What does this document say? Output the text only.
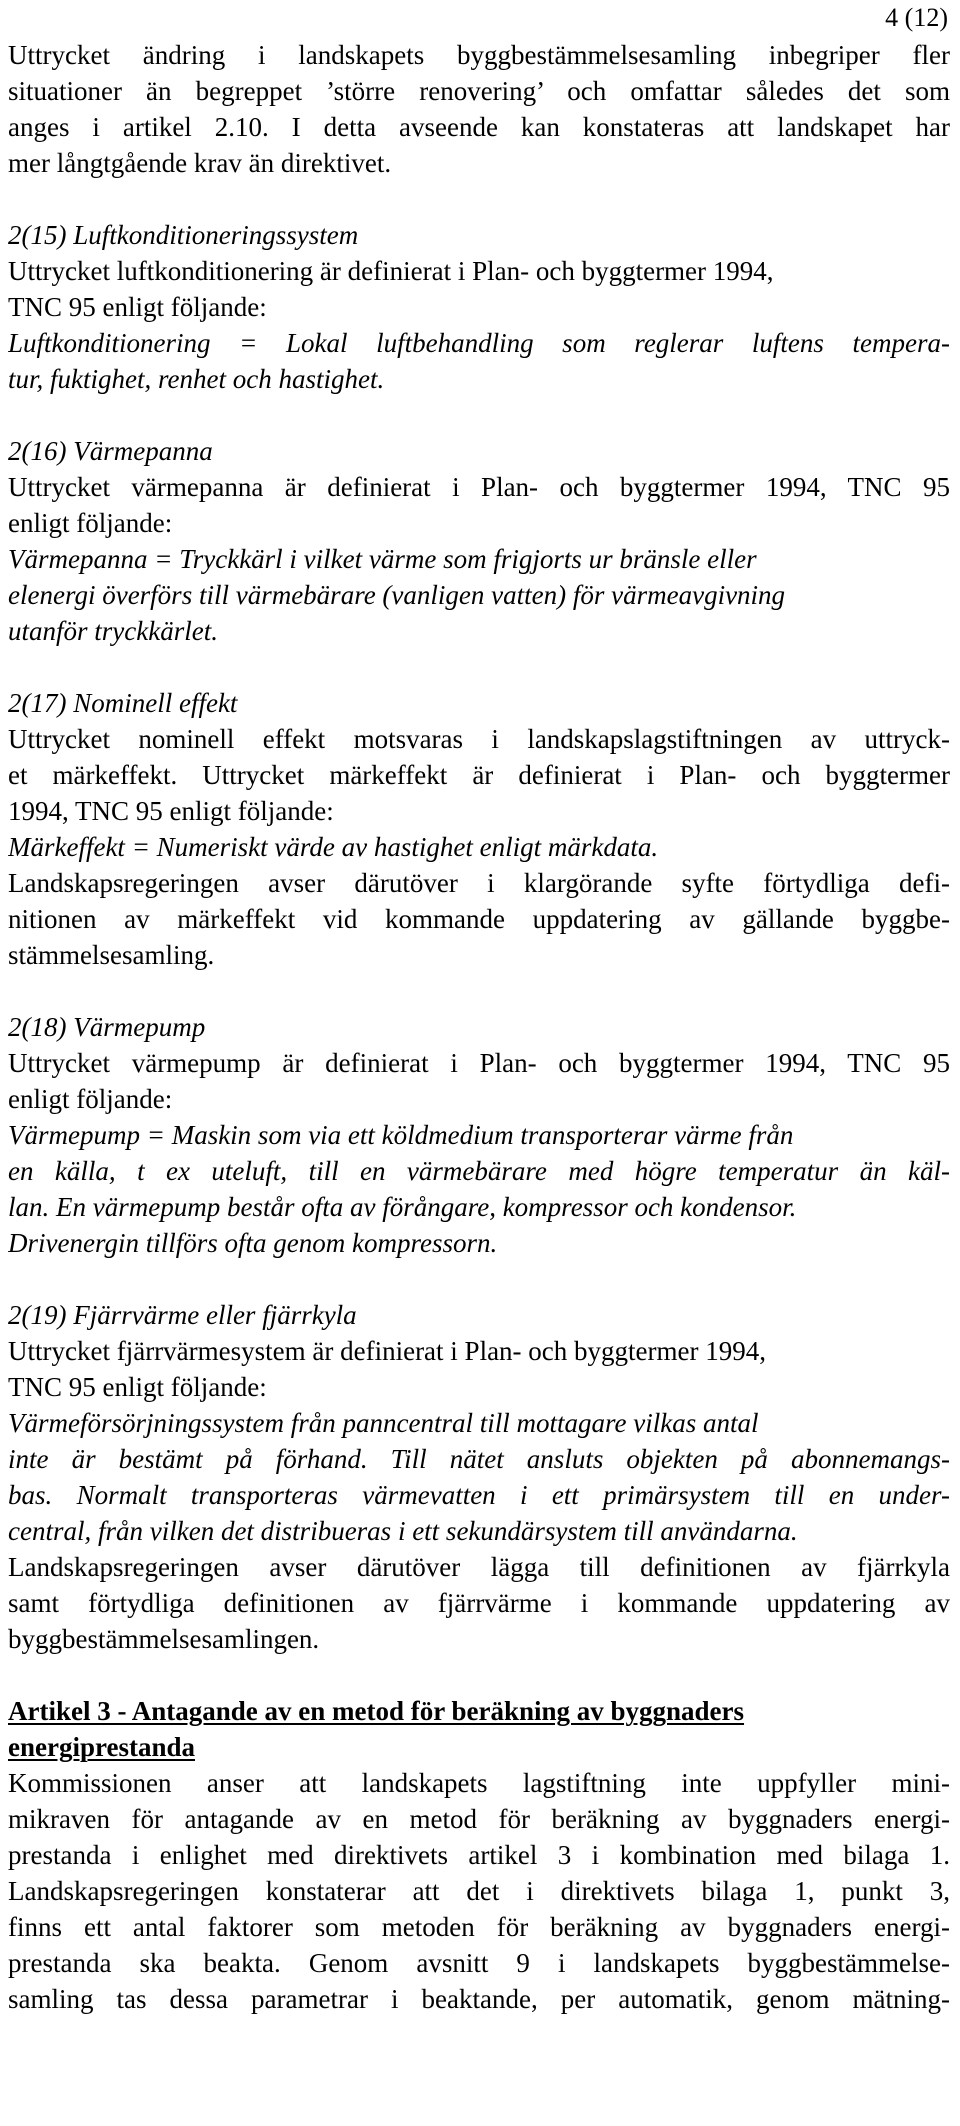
4 (12)
Uttrycket ändring i landskapets byggbestämmelsesamling inbegriper fler
situationer än begreppet ’större renovering’ och omfattar således det som
anges i artikel 2.10. I detta avseende kan konstateras att landskapet har
mer långtgående krav än direktivet.
2(15) Luftkonditioneringssystem
Uttrycket luftkonditionering är definierat i Plan- och byggtermer 1994,
TNC 95 enligt följande:
Luftkonditionering = Lokal luftbehandling som reglerar luftens tempera-
tur, fuktighet, renhet och hastighet.
2(16) Värmepanna
Uttrycket värmepanna är definierat i Plan- och byggtermer 1994, TNC 95
enligt följande:
Värmepanna = Tryckkärl i vilket värme som frigjorts ur bränsle eller
elenergi överförs till värmebärare (vanligen vatten) för värmeavgivning
utanför tryckkärlet.
2(17) Nominell effekt
Uttrycket nominell effekt motsvaras i landskapslagstiftningen av uttryck-
et märkeffekt. Uttrycket märkeffekt är definierat i Plan- och byggtermer
1994, TNC 95 enligt följande:
Märkeffekt = Numeriskt värde av hastighet enligt märkdata.
Landskapsregeringen avser därutöver i klargörande syfte förtydliga defi-
nitionen av märkeffekt vid kommande uppdatering av gällande byggbe-
stämmelsesamling.
2(18) Värmepump
Uttrycket värmepump är definierat i Plan- och byggtermer 1994, TNC 95
enligt följande:
Värmepump = Maskin som via ett köldmedium transporterar värme från
en källa, t ex uteluft, till en värmebärare med högre temperatur än käl-
lan. En värmepump består ofta av förångare, kompressor och kondensor.
Drivenergin tillförs ofta genom kompressorn.
2(19) Fjärrvärme eller fjärrkyla
Uttrycket fjärrvärmesystem är definierat i Plan- och byggtermer 1994,
TNC 95 enligt följande:
Värmeförsörjningssystem från panncentral till mottagare vilkas antal
inte är bestämt på förhand. Till nätet ansluts objekten på abonnemangs-
bas. Normalt transporteras värmevatten i ett primärsystem till en under-
central, från vilken det distribueras i ett sekundärsystem till användarna.
Landskapsregeringen avser därutöver lägga till definitionen av fjärrkyla
samt förtydliga definitionen av fjärrvärme i kommande uppdatering av
byggbestämmelsesamlingen.
Artikel 3 - Antagande av en metod för beräkning av byggnaders
energiprestanda
Kommissionen anser att landskapets lagstiftning inte uppfyller mini-
mikraven för antagande av en metod för beräkning av byggnaders energi-
prestanda i enlighet med direktivets artikel 3 i kombination med bilaga 1.
Landskapsregeringen konstaterar att det i direktivets bilaga 1, punkt 3,
finns ett antal faktorer som metoden för beräkning av byggnaders energi-
prestanda ska beakta. Genom avsnitt 9 i landskapets byggbestämmelse-
samling tas dessa parametrar i beaktande, per automatik, genom mätning-
